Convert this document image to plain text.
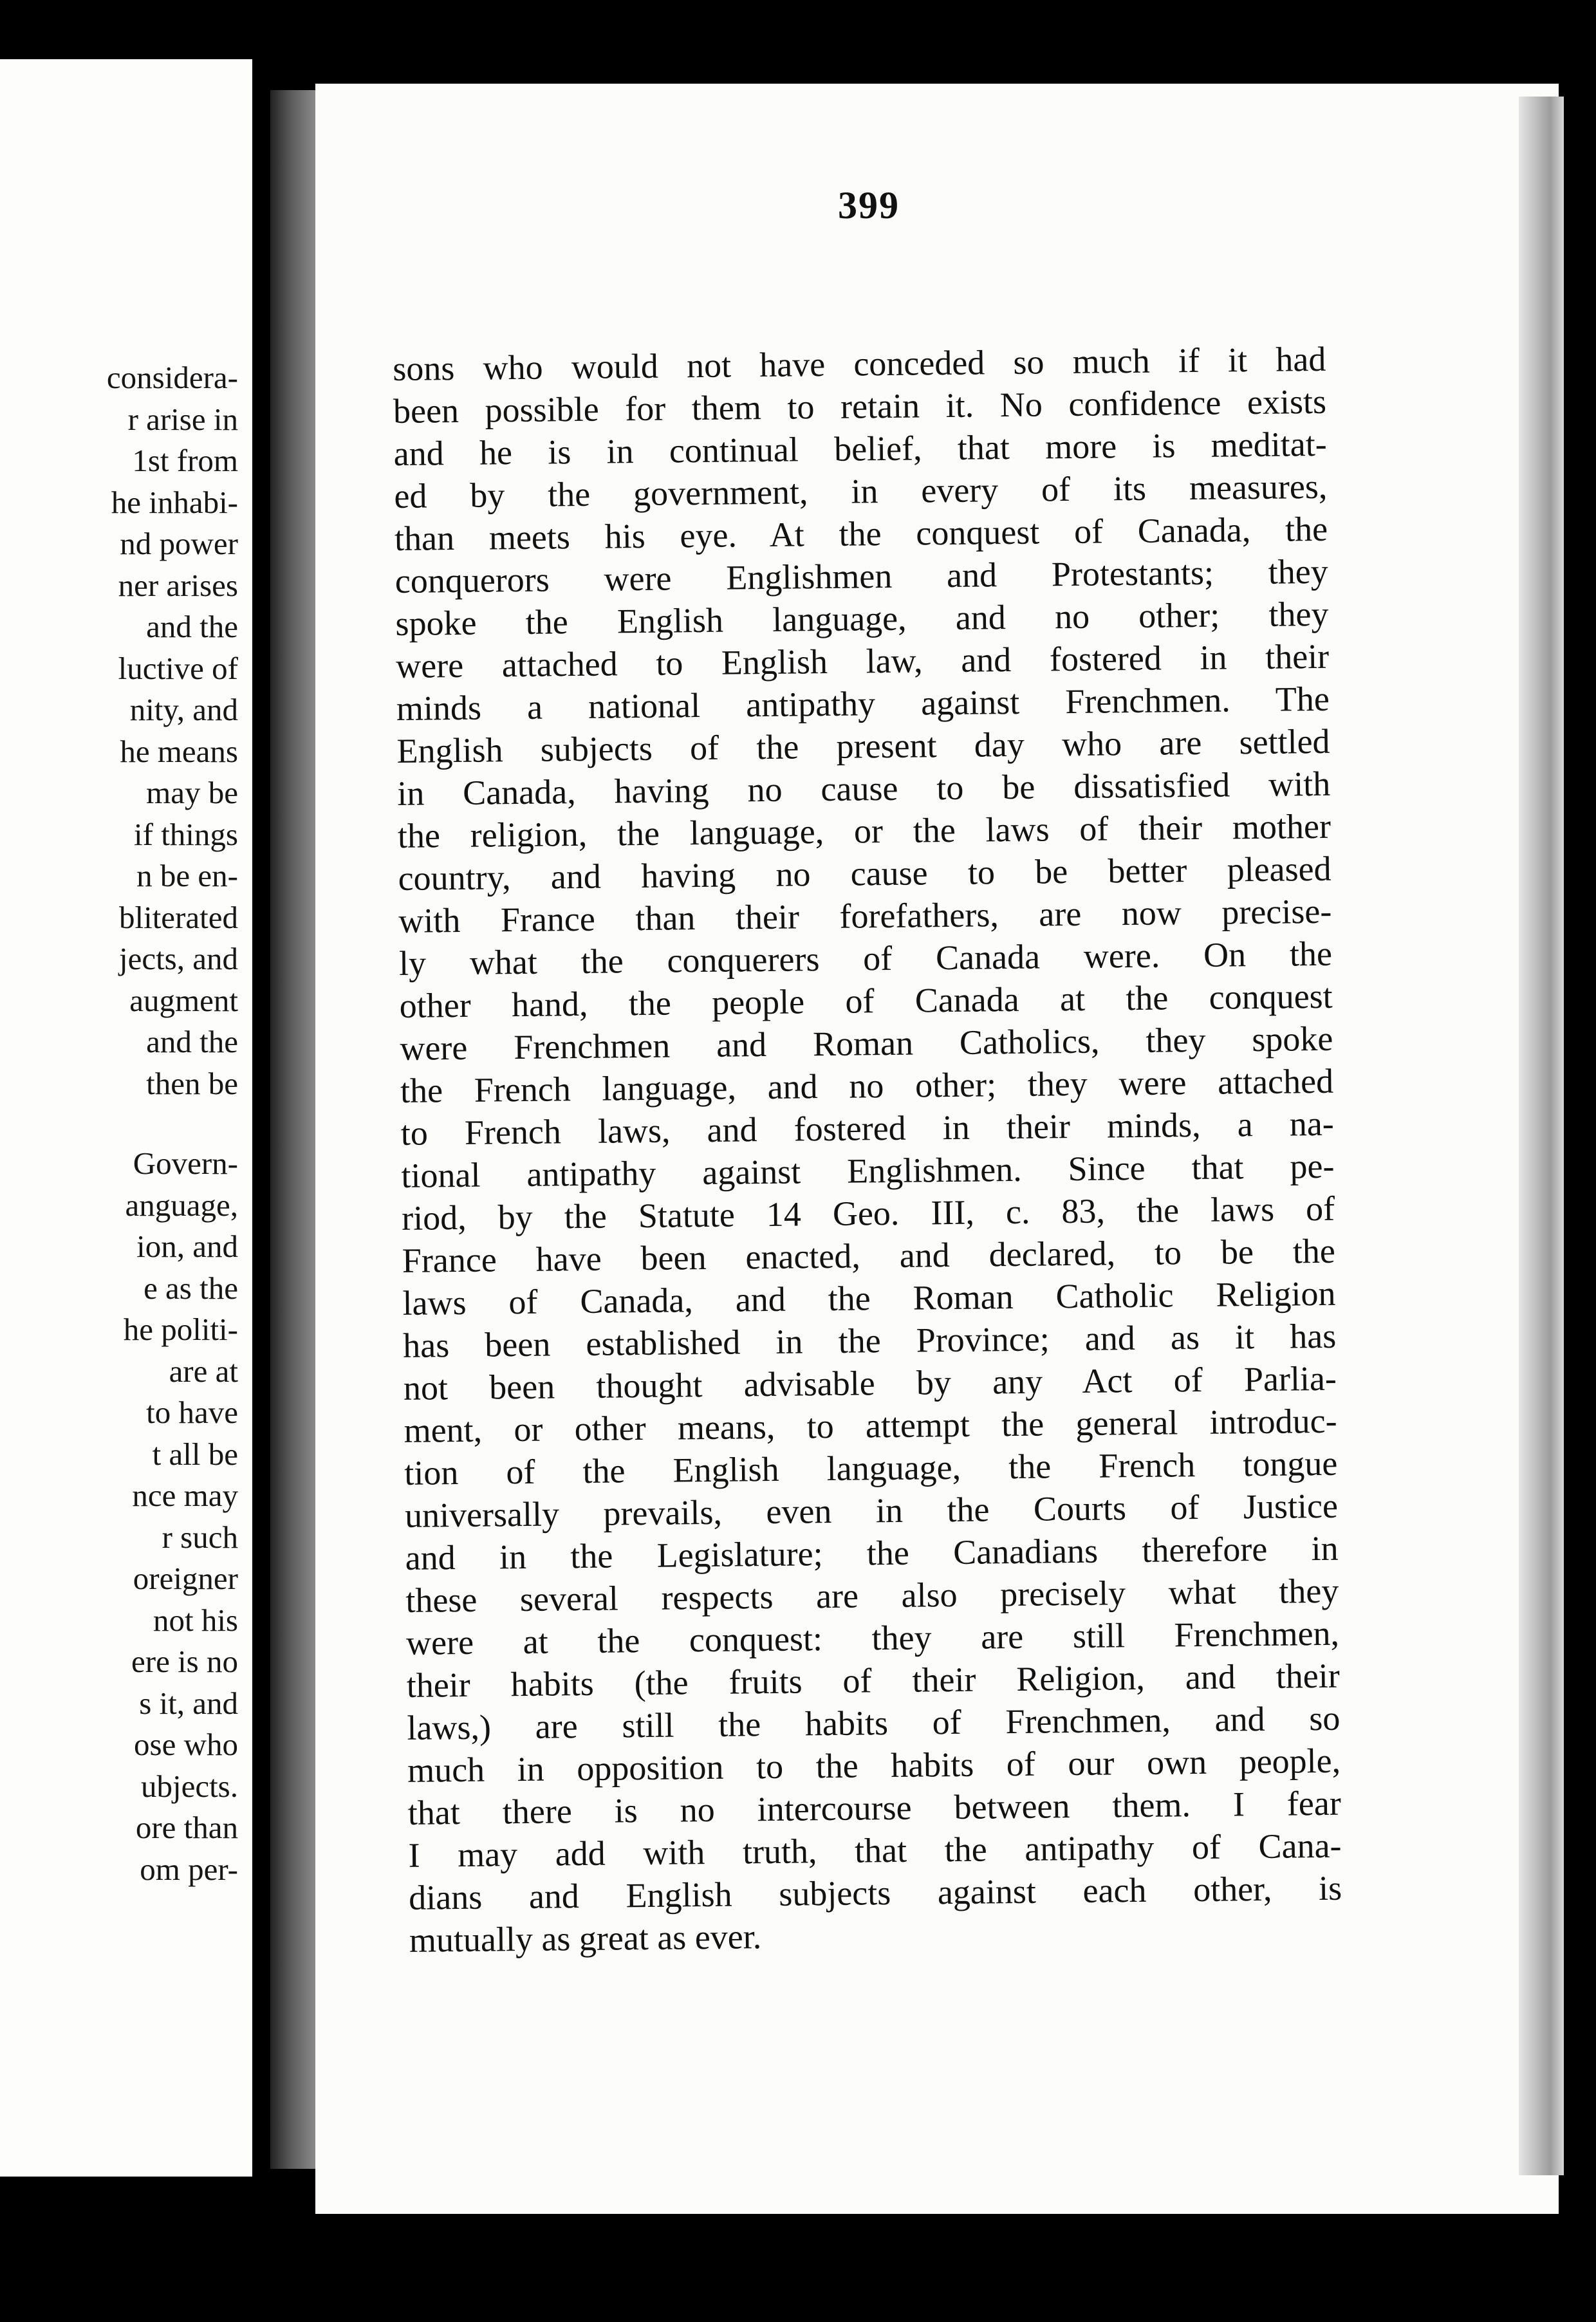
considera-
r arise in
1st from
he inhabi-
nd power
ner arises
and the
luctive of
nity, and
he means
may be
if things
n be en-
bliterated
jects, and
augment
and the
then be
Govern-
anguage,
ion, and
e as the
he politi-
are at
to have
t all be
nce may
r such
oreigner
not his
ere is no
s it, and
ose who
ubjects.
ore than
om per-
399
sons who would not have conceded so much if it had
been possible for them to retain it. No confidence exists
and he is in continual belief, that more is meditat-
ed by the government, in every of its measures,
than meets his eye. At the conquest of Canada, the
conquerors were Englishmen and Protestants; they
spoke the English language, and no other; they
were attached to English law, and fostered in their
minds a national antipathy against Frenchmen. The
English subjects of the present day who are settled
in Canada, having no cause to be dissatisfied with
the religion, the language, or the laws of their mother
country, and having no cause to be better pleased
with France than their forefathers, are now precise-
ly what the conquerers of Canada were. On the
other hand, the people of Canada at the conquest
were Frenchmen and Roman Catholics, they spoke
the French language, and no other; they were attached
to French laws, and fostered in their minds, a na-
tional antipathy against Englishmen. Since that pe-
riod, by the Statute 14 Geo. III, c. 83, the laws of
France have been enacted, and declared, to be the
laws of Canada, and the Roman Catholic Religion
has been established in the Province; and as it has
not been thought advisable by any Act of Parlia-
ment, or other means, to attempt the general introduc-
tion of the English language, the French tongue
universally prevails, even in the Courts of Justice
and in the Legislature; the Canadians therefore in
these several respects are also precisely what they
were at the conquest: they are still Frenchmen,
their habits (the fruits of their Religion, and their
laws,) are still the habits of Frenchmen, and so
much in opposition to the habits of our own people,
that there is no intercourse between them. I fear
I may add with truth, that the antipathy of Cana-
dians and English subjects against each other, is
mutually as great as ever.
